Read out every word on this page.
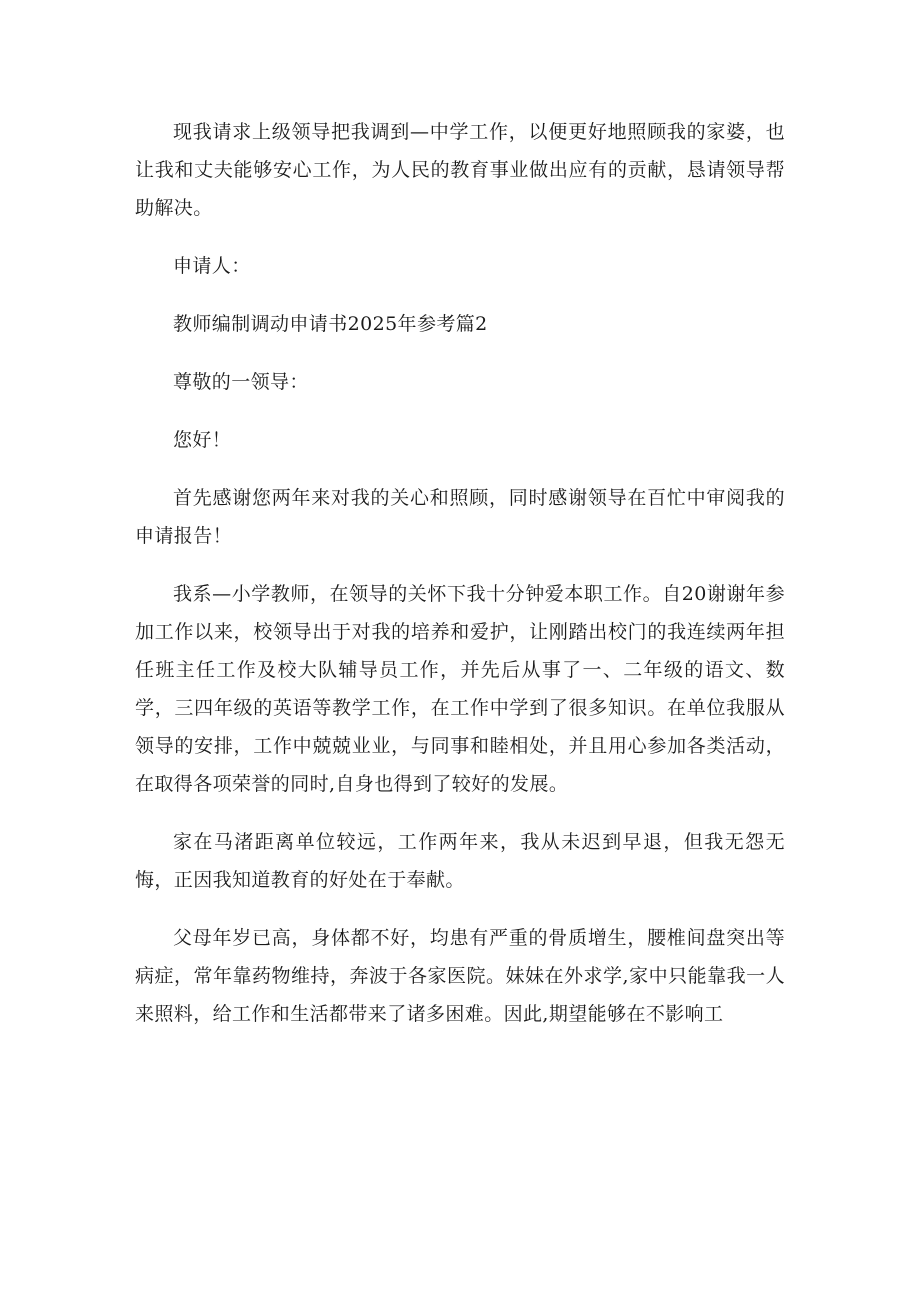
现我请求上级领导把我调到—中学工作，以便更好地照顾我的家婆，也让我和丈夫能够安心工作，为人民的教育事业做出应有的贡献，恳请领导帮助解决。

申请人：

教师编制调动申请书2025年参考篇2

尊敬的一领导：

您好！

首先感谢您两年来对我的关心和照顾，同时感谢领导在百忙中审阅我的申请报告！

我系—小学教师，在领导的关怀下我十分钟爱本职工作。自20谢谢年参加工作以来，校领导出于对我的培养和爱护，让刚踏出校门的我连续两年担任班主任工作及校大队辅导员工作，并先后从事了一、二年级的语文、数学，三四年级的英语等教学工作，在工作中学到了很多知识。在单位我服从领导的安排，工作中兢兢业业，与同事和睦相处，并且用心参加各类活动，在取得各项荣誉的同时,自身也得到了较好的发展。

家在马渚距离单位较远，工作两年来，我从未迟到早退，但我无怨无悔，正因我知道教育的好处在于奉献。

父母年岁已高，身体都不好，均患有严重的骨质增生，腰椎间盘突出等病症，常年靠药物维持，奔波于各家医院。妹妹在外求学,家中只能靠我一人来照料，给工作和生活都带来了诸多困难。因此,期望能够在不影响工
